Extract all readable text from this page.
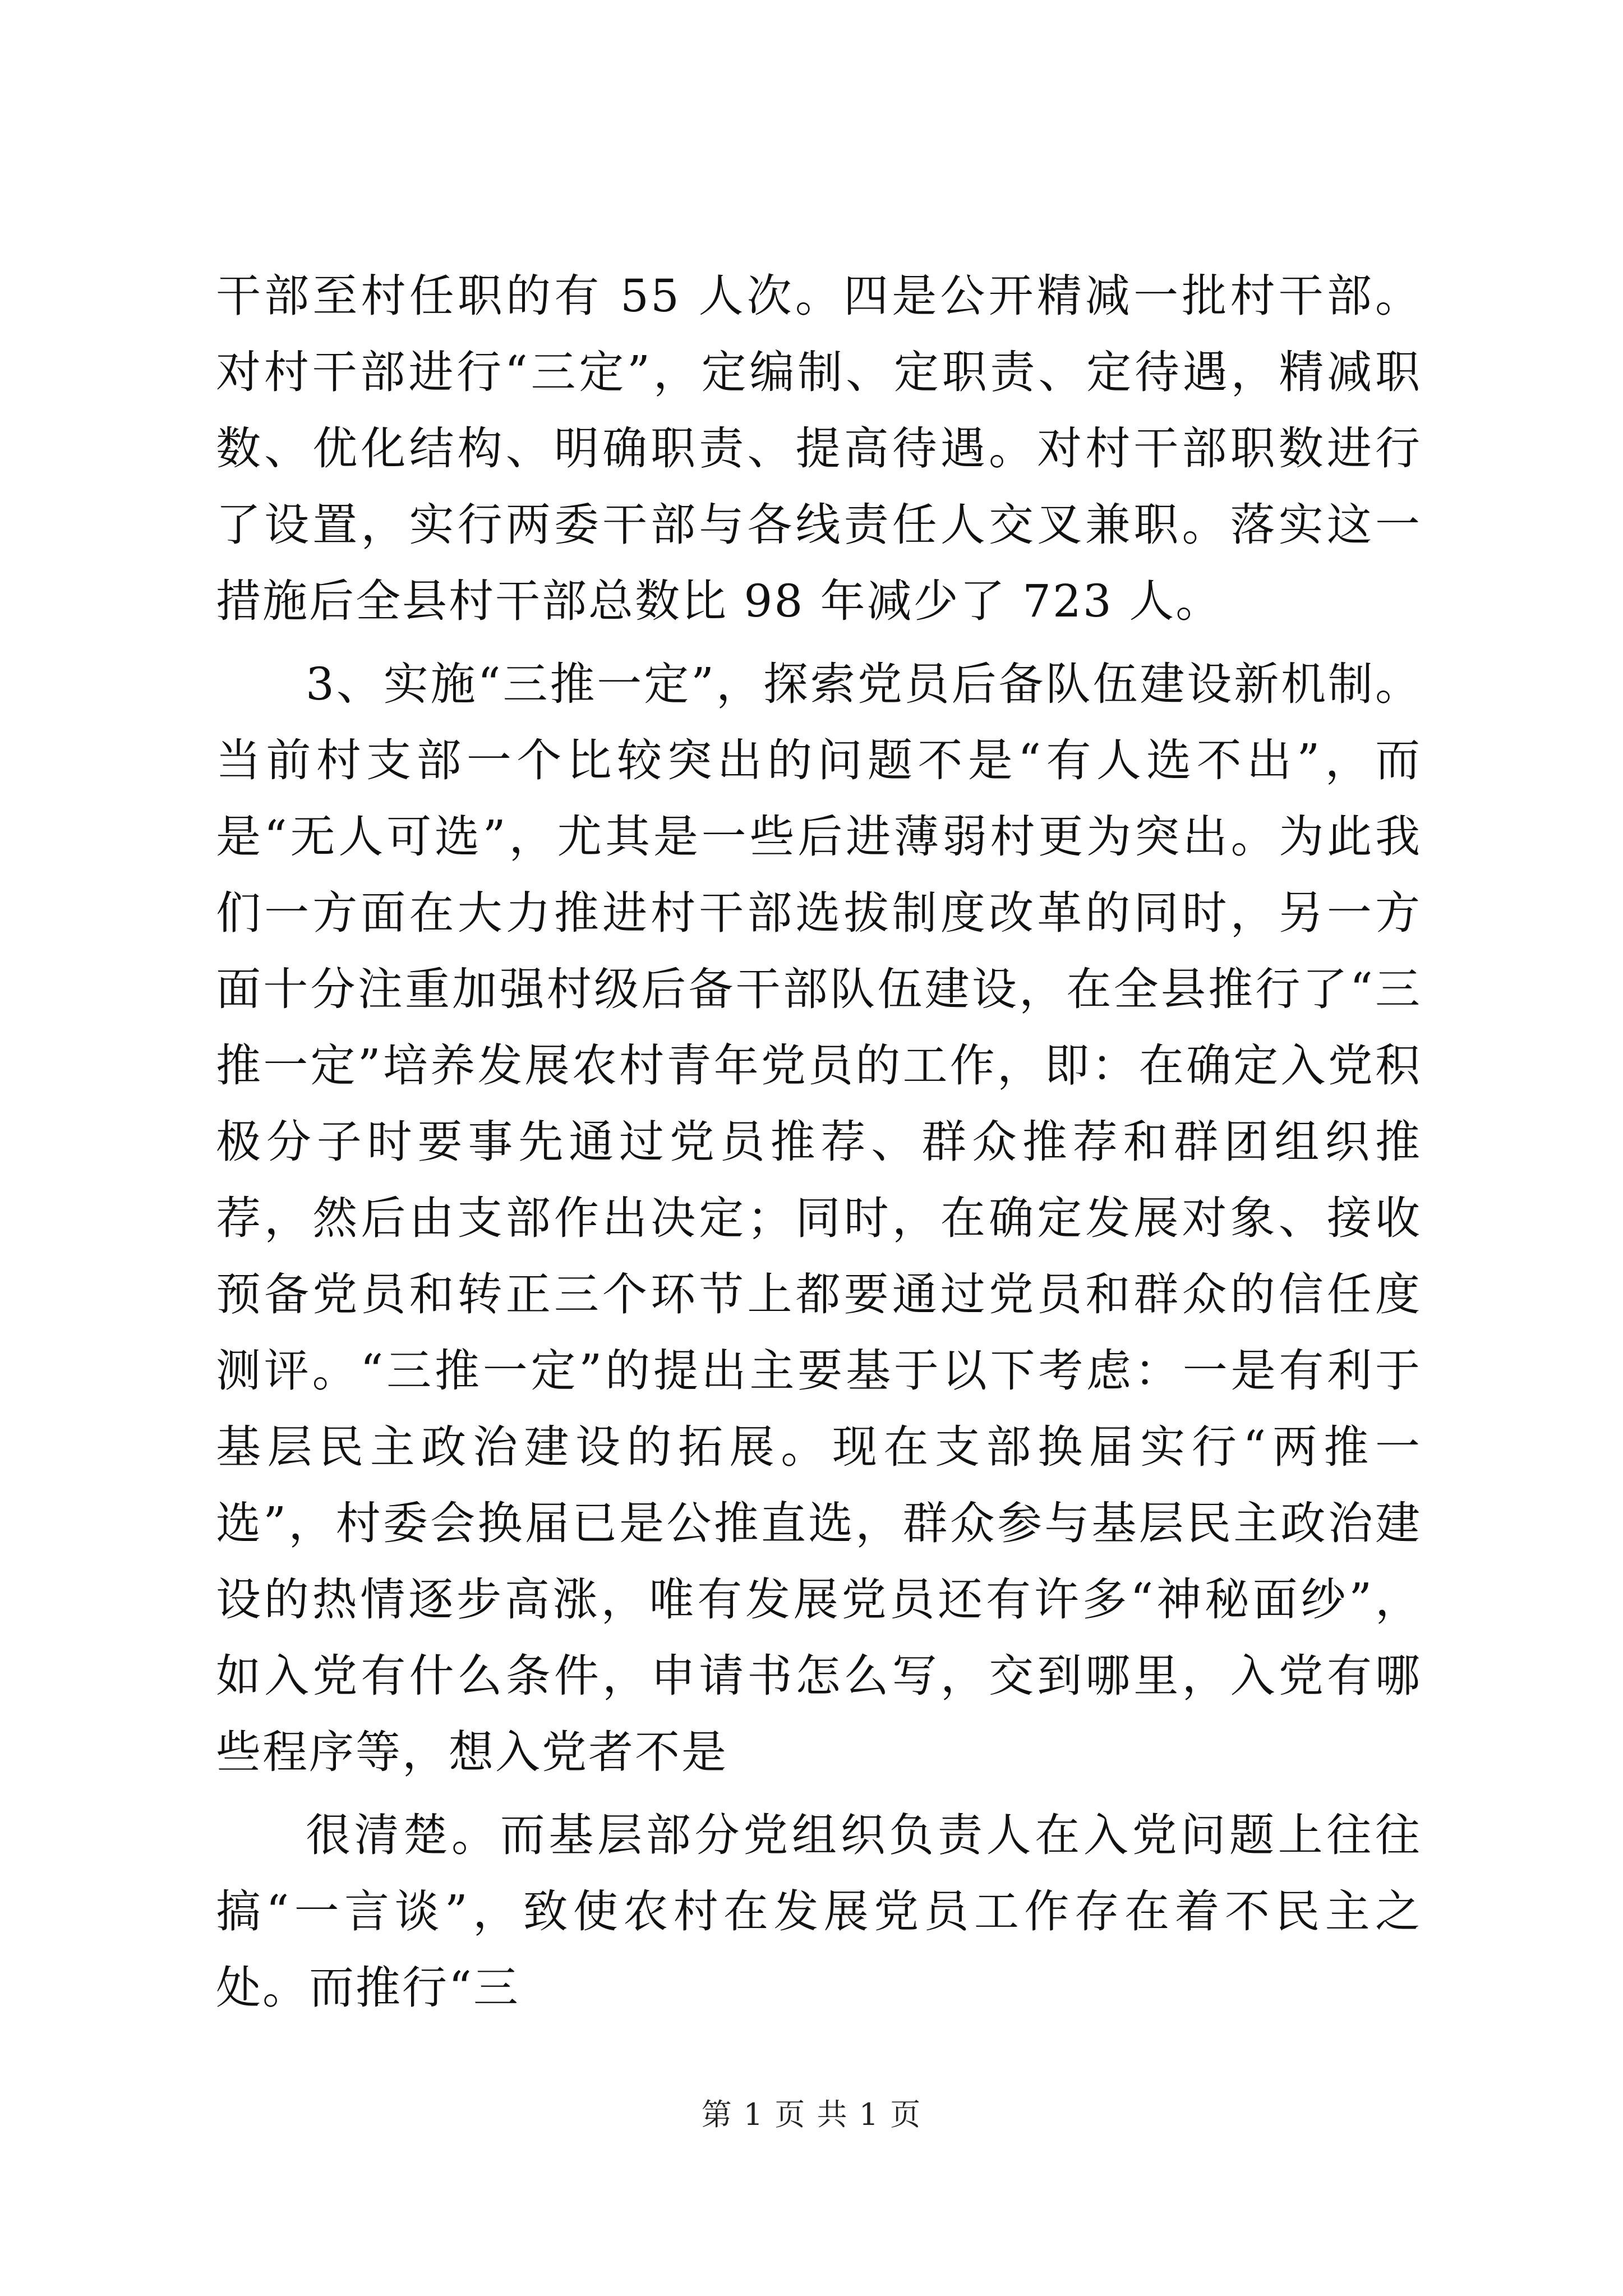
干部至村任职的有 55 人次。四是公开精减一批村干部。对村干部进行“三定”，定编制、定职责、定待遇，精减职数、优化结构、明确职责、提高待遇。对村干部职数进行了设置，实行两委干部与各线责任人交叉兼职。落实这一措施后全县村干部总数比 98 年减少了 723 人。

3、实施“三推一定”，探索党员后备队伍建设新机制。当前村支部一个比较突出的问题不是“有人选不出”，而是“无人可选”，尤其是一些后进薄弱村更为突出。为此我们一方面在大力推进村干部选拔制度改革的同时，另一方面十分注重加强村级后备干部队伍建设，在全县推行了“三推一定”培养发展农村青年党员的工作，即：在确定入党积极分子时要事先通过党员推荐、群众推荐和群团组织推荐，然后由支部作出决定；同时，在确定发展对象、接收预备党员和转正三个环节上都要通过党员和群众的信任度测评。“三推一定”的提出主要基于以下考虑：一是有利于基层民主政治建设的拓展。现在支部换届实行“两推一选”，村委会换届已是公推直选，群众参与基层民主政治建设的热情逐步高涨，唯有发展党员还有许多“神秘面纱”，如入党有什么条件，申请书怎么写，交到哪里，入党有哪些程序等，想入党者不是

很清楚。而基层部分党组织负责人在入党问题上往往搞“一言谈”，致使农村在发展党员工作存在着不民主之处。而推行“三

第 1 页 共 1 页
